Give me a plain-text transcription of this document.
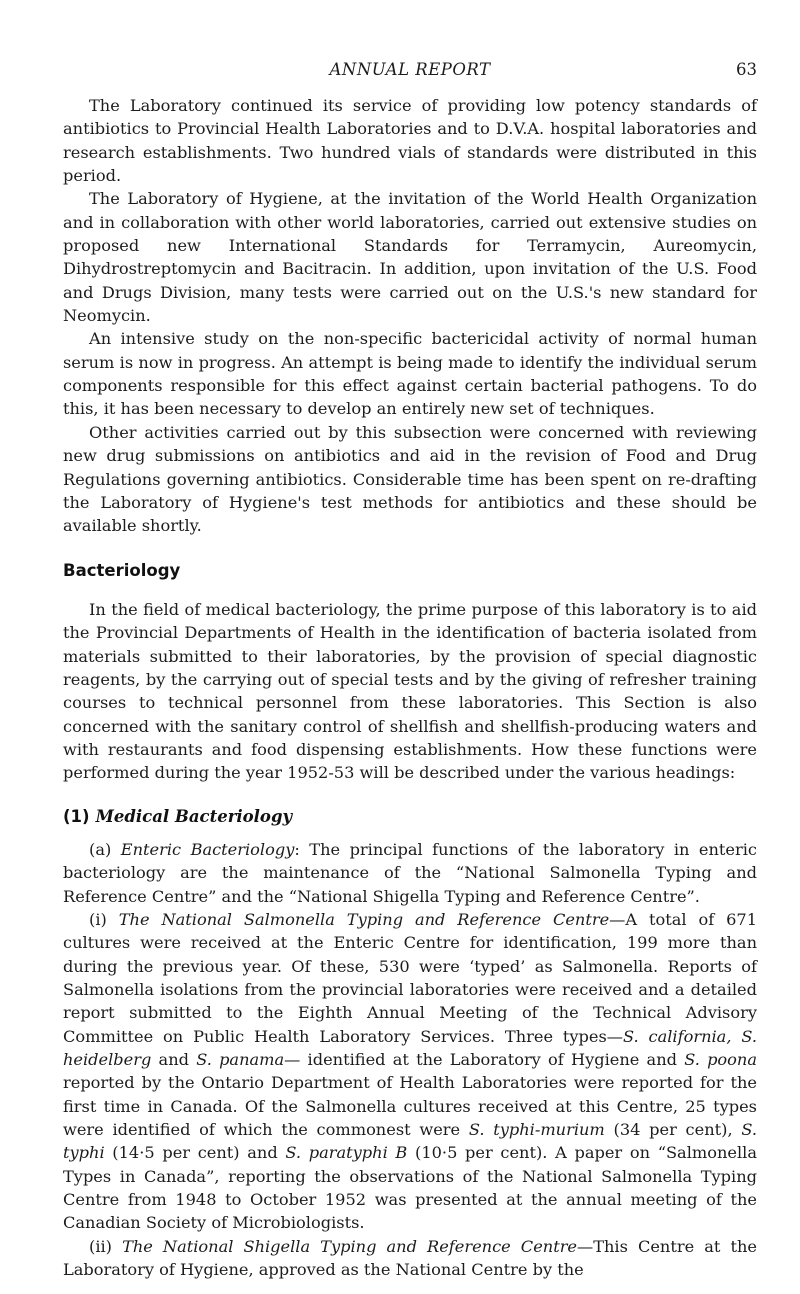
ANNUAL REPORT	63

The Laboratory continued its service of providing low potency standards of antibiotics to Provincial Health Laboratories and to D.V.A. hospital laboratories and research establishments. Two hundred vials of standards were distributed in this period.

The Laboratory of Hygiene, at the invitation of the World Health Organization and in collaboration with other world laboratories, carried out extensive studies on proposed new International Standards for Terramycin, Aureomycin, Dihydrostreptomycin and Bacitracin. In addition, upon invitation of the U.S. Food and Drugs Division, many tests were carried out on the U.S.'s new standard for Neomycin.

An intensive study on the non-specific bactericidal activity of normal human serum is now in progress. An attempt is being made to identify the individual serum components responsible for this effect against certain bacterial pathogens. To do this, it has been necessary to develop an entirely new set of techniques.

Other activities carried out by this subsection were concerned with reviewing new drug submissions on antibiotics and aid in the revision of Food and Drug Regulations governing antibiotics. Considerable time has been spent on re-drafting the Laboratory of Hygiene's test methods for antibiotics and these should be available shortly.

Bacteriology

In the field of medical bacteriology, the prime purpose of this laboratory is to aid the Provincial Departments of Health in the identification of bacteria isolated from materials submitted to their laboratories, by the provision of special diagnostic reagents, by the carrying out of special tests and by the giving of refresher training courses to technical personnel from these laboratories. This Section is also concerned with the sanitary control of shellfish and shellfish-producing waters and with restaurants and food dispensing establishments. How these functions were performed during the year 1952-53 will be described under the various headings:

(1) Medical Bacteriology

(a) Enteric Bacteriology: The principal functions of the laboratory in enteric bacteriology are the maintenance of the “National Salmonella Typing and Reference Centre” and the “National Shigella Typing and Reference Centre”.

(i) The National Salmonella Typing and Reference Centre—A total of 671 cultures were received at the Enteric Centre for identification, 199 more than during the previous year. Of these, 530 were ‘typed’ as Salmonella. Reports of Salmonella isolations from the provincial laboratories were received and a detailed report submitted to the Eighth Annual Meeting of the Technical Advisory Committee on Public Health Laboratory Services. Three types—S. california, S. heidelberg and S. panama— identified at the Laboratory of Hygiene and S. poona reported by the Ontario Department of Health Laboratories were reported for the first time in Canada. Of the Salmonella cultures received at this Centre, 25 types were identified of which the commonest were S. typhi-murium (34 per cent), S. typhi (14·5 per cent) and S. paratyphi B (10·5 per cent). A paper on “Salmonella Types in Canada”, reporting the observations of the National Salmonella Typing Centre from 1948 to October 1952 was presented at the annual meeting of the Canadian Society of Microbiologists.

(ii) The National Shigella Typing and Reference Centre—This Centre at the Laboratory of Hygiene, approved as the National Centre by the
